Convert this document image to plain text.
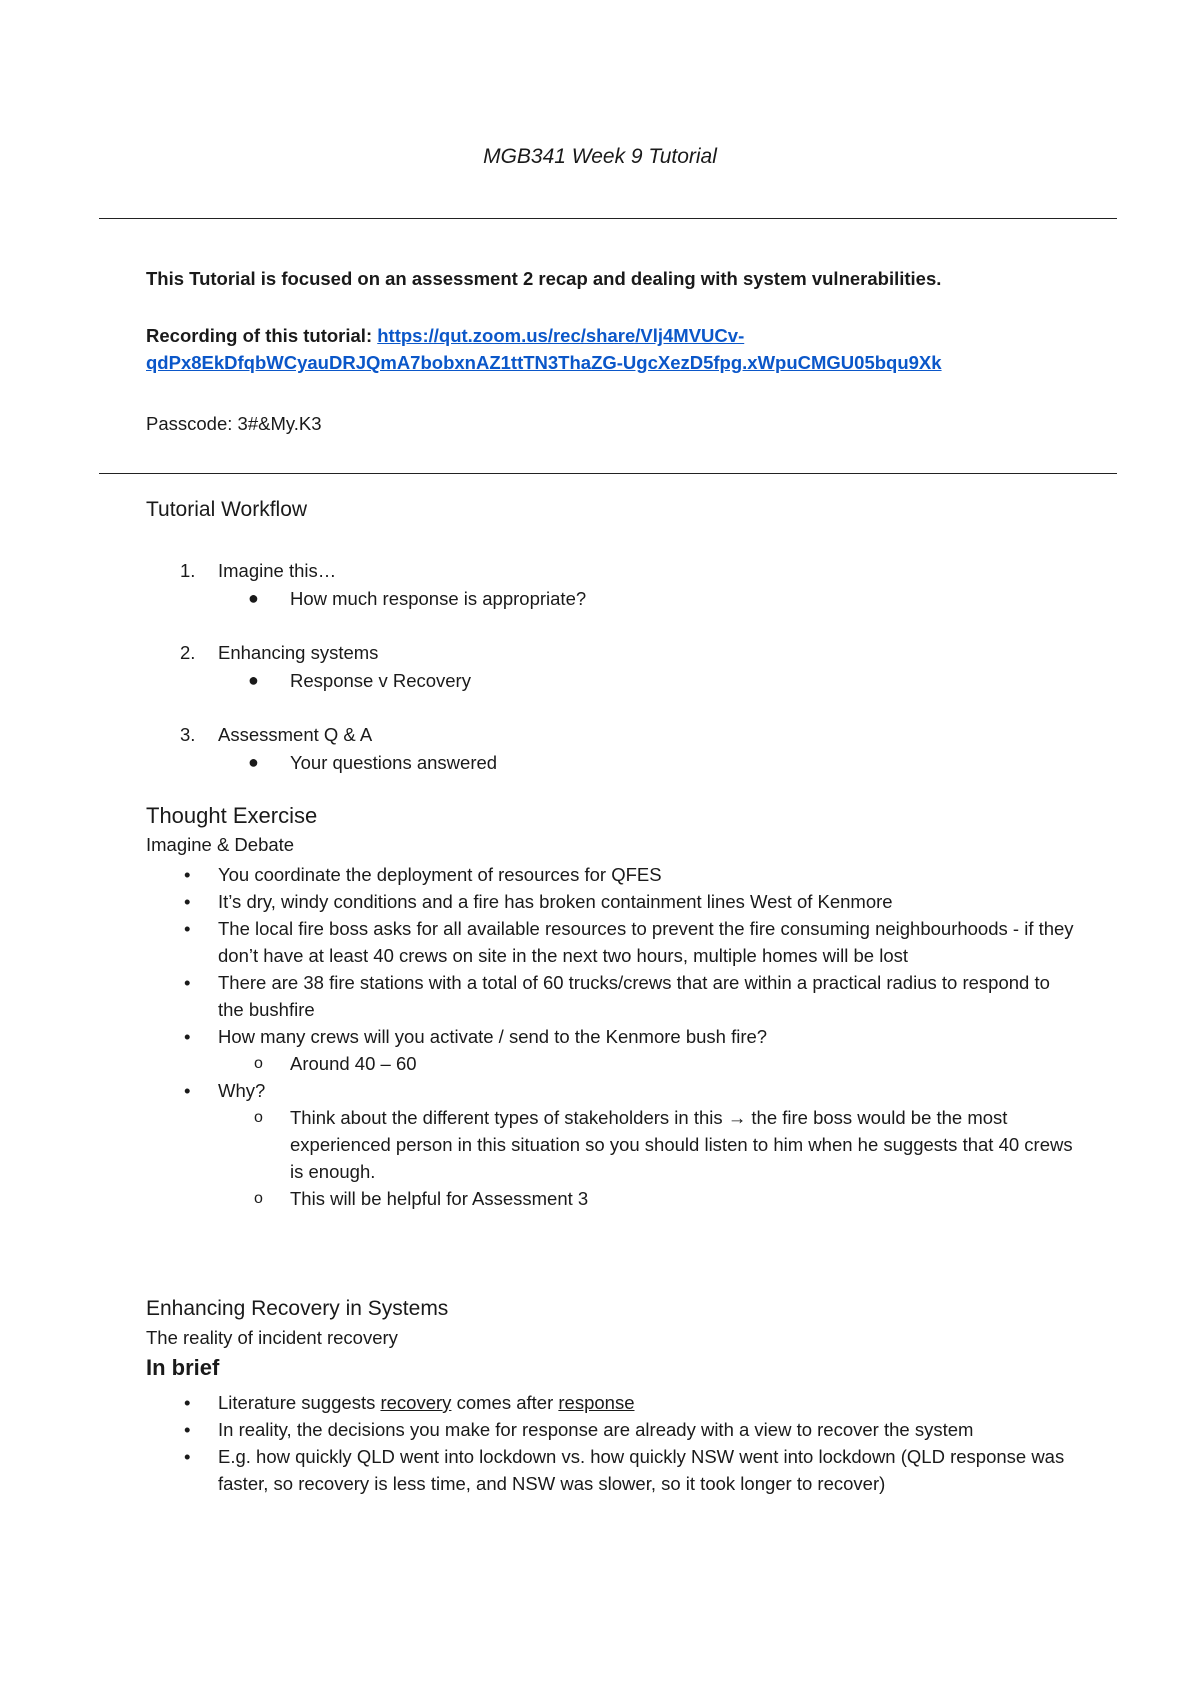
MGB341 Week 9 Tutorial
This Tutorial is focused on an assessment 2 recap and dealing with system vulnerabilities.
Recording of this tutorial: https://qut.zoom.us/rec/share/Vlj4MVUCv-
qdPx8EkDfqbWCyauDRJQmA7bobxnAZ1ttTN3ThaZG-UgcXezD5fpg.xWpuCMGU05bqu9Xk
Passcode: 3#&My.K3
Tutorial Workflow
1. Imagine this…
● How much response is appropriate?
2. Enhancing systems
● Response v Recovery
3. Assessment Q & A
● Your questions answered
Thought Exercise
Imagine & Debate
• You coordinate the deployment of resources for QFES
• It’s dry, windy conditions and a fire has broken containment lines West of Kenmore
• The local fire boss asks for all available resources to prevent the fire consuming neighbourhoods - if they don’t have at least 40 crews on site in the next two hours, multiple homes will be lost
• There are 38 fire stations with a total of 60 trucks/crews that are within a practical radius to respond to the bushfire
• How many crews will you activate / send to the Kenmore bush fire?
o Around 40 – 60
• Why?
o Think about the different types of stakeholders in this → the fire boss would be the most experienced person in this situation so you should listen to him when he suggests that 40 crews is enough.
o This will be helpful for Assessment 3
Enhancing Recovery in Systems
The reality of incident recovery
In brief
• Literature suggests recovery comes after response
• In reality, the decisions you make for response are already with a view to recover the system
• E.g. how quickly QLD went into lockdown vs. how quickly NSW went into lockdown (QLD response was faster, so recovery is less time, and NSW was slower, so it took longer to recover)
